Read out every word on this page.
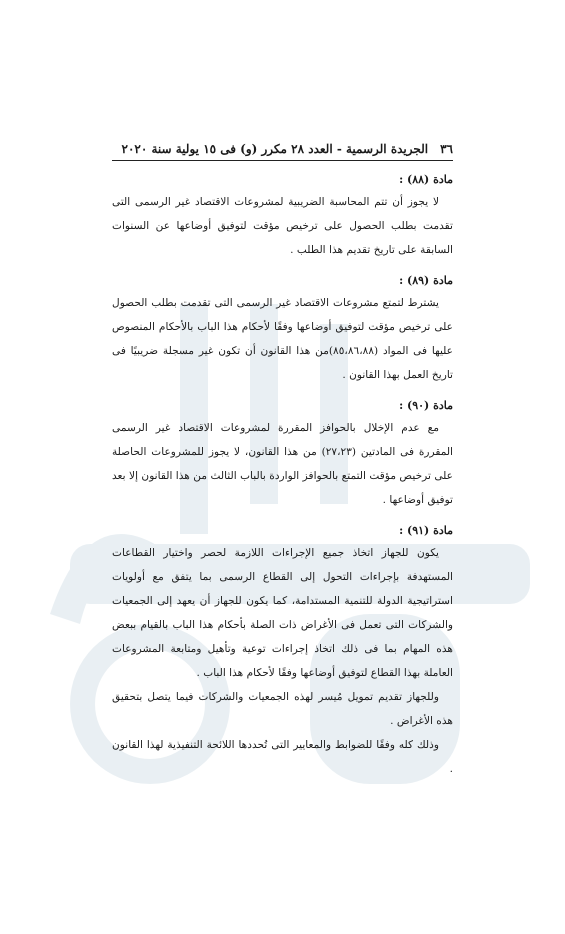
٣٦
الجريدة الرسمية - العدد ٢٨ مكرر (و) فى ١٥ يولية سنة ٢٠٢٠
مادة (٨٨) :

لا يجوز أن تتم المحاسبة الضريبية لمشروعات الاقتصاد غير الرسمى التى تقدمت بطلب الحصول على ترخيص مؤقت لتوفيق أوضاعها عن السنوات السابقة على تاريخ تقديم هذا الطلب .

مادة (٨٩) :

يشترط لتمتع مشروعات الاقتصاد غير الرسمى التى تقدمت بطلب الحصول على ترخيص مؤقت لتوفيق أوضاعها وفقًا لأحكام هذا الباب بالأحكام المنصوص عليها فى المواد (٨٥،٨٦،٨٨)من هذا القانون أن تكون غير مسجلة ضريبيًا فى تاريخ العمل بهذا القانون .

مادة (٩٠) :

مع عدم الإخلال بالحوافز المقررة لمشروعات الاقتصاد غير الرسمى المقررة فى المادتين (٢٧،٢٣) من هذا القانون، لا يجوز للمشروعات الحاصلة على ترخيص مؤقت التمتع بالحوافز الواردة بالباب الثالث من هذا القانون إلا بعد توفيق أوضاعها .

مادة (٩١) :

يكون للجهاز اتخاذ جميع الإجراءات اللازمة لحصر واختيار القطاعات المستهدفة بإجراءات التحول إلى القطاع الرسمى بما يتفق مع أولويات استراتيجية الدولة للتنمية المستدامة، كما يكون للجهاز أن يعهد إلى الجمعيات والشركات التى تعمل فى الأغراض ذات الصلة بأحكام هذا الباب بالقيام ببعض هذه المهام بما فى ذلك اتخاذ إجراءات توعية وتأهيل ومتابعة المشروعات العاملة بهذا القطاع لتوفيق أوضاعها وفقًا لأحكام هذا الباب .

وللجهاز تقديم تمويل مُيسر لهذه الجمعيات والشركات فيما يتصل بتحقيق هذه الأغراض .

وذلك كله وفقًا للضوابط والمعايير التى تُحددها اللائحة التنفيذية لهذا القانون .
